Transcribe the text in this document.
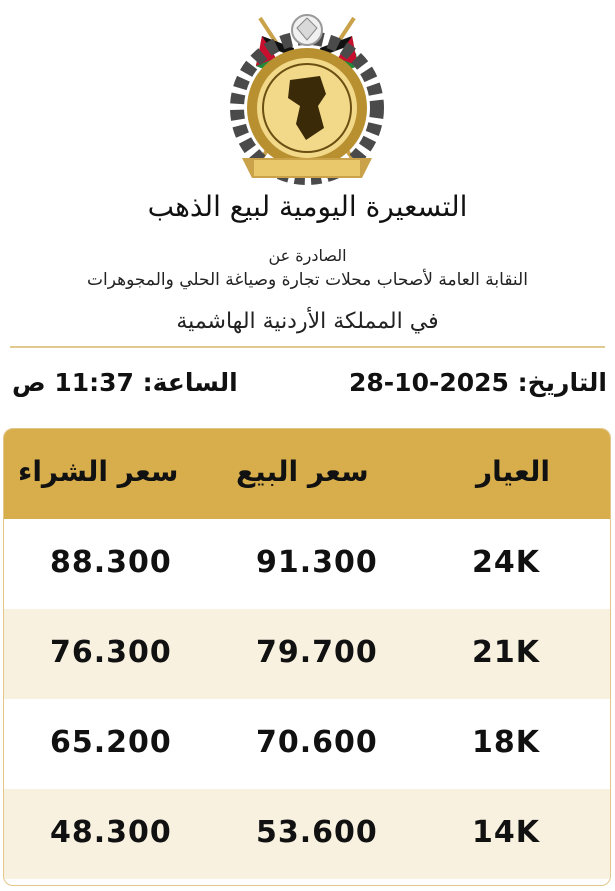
التسعيرة اليومية لبيع الذهب
الصادرة عن
النقابة العامة لأصحاب محلات تجارة وصياغة الحلي والمجوهرات
في المملكة الأردنية الهاشمية
التاريخ: 28-10-2025
الساعة: 11:37 ص
العيار
سعر البيع
سعر الشراء
24K
91.300
88.300
21K
79.700
76.300
18K
70.600
65.200
14K
53.600
48.300
